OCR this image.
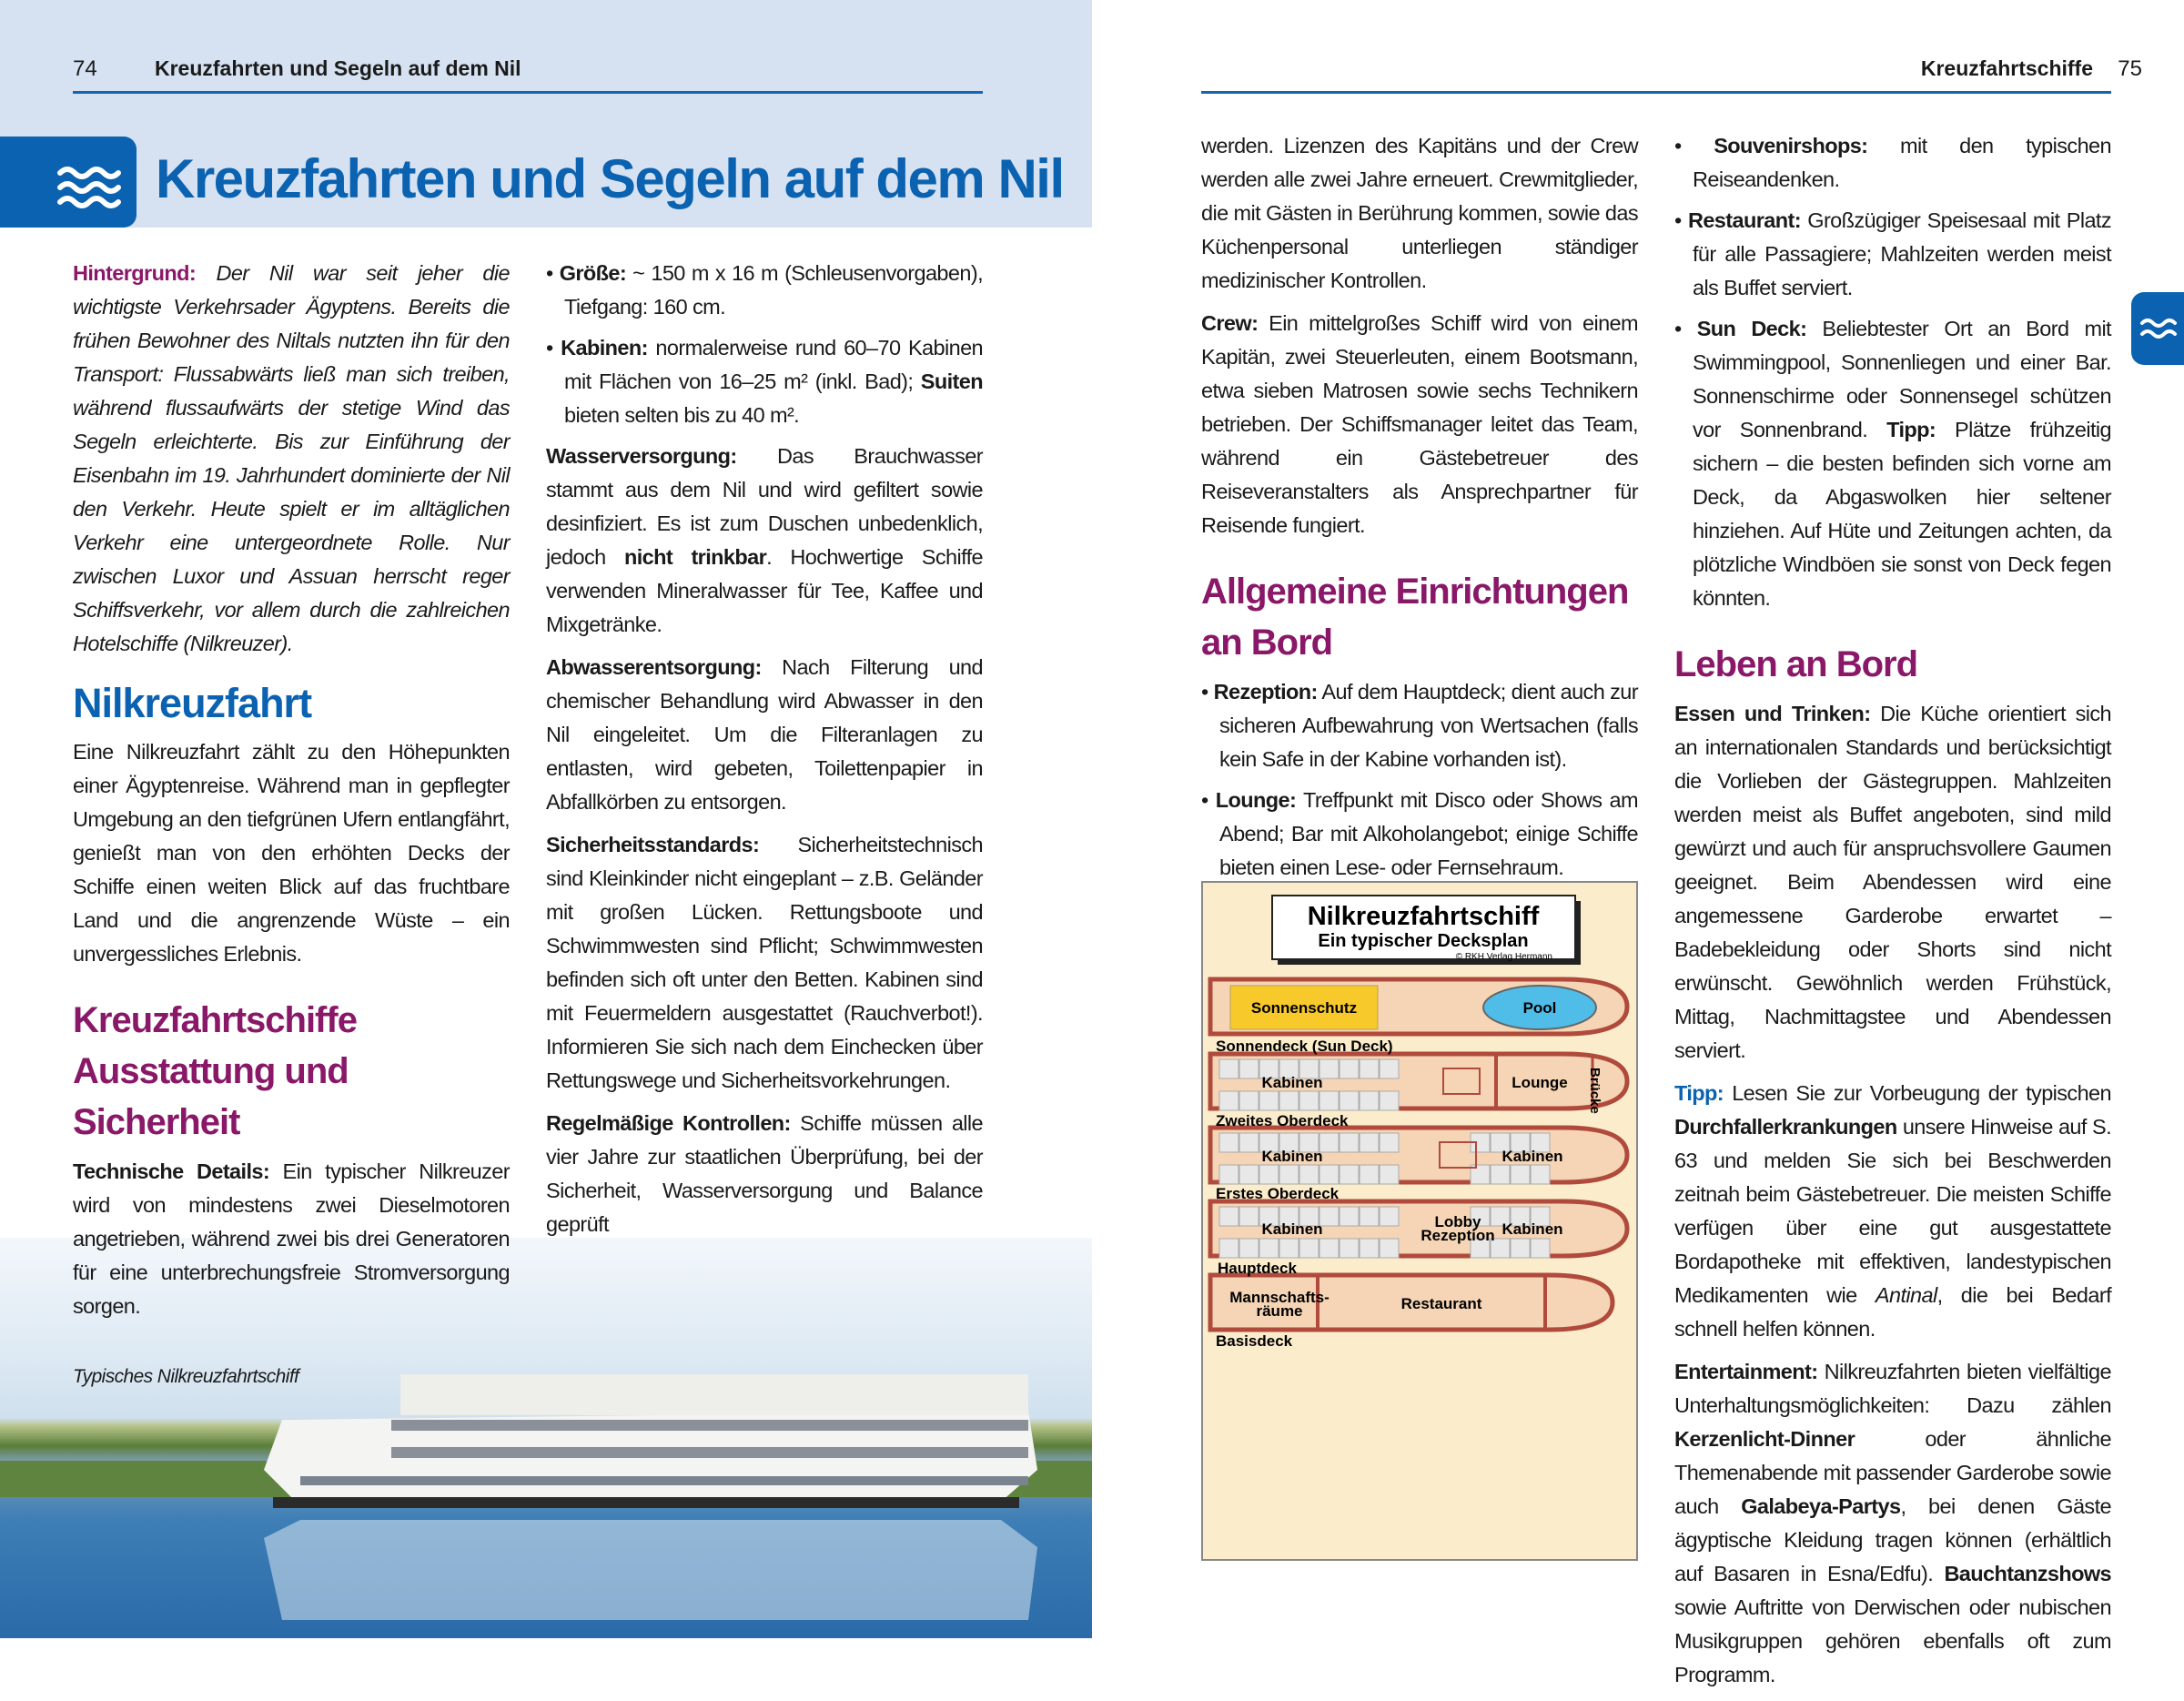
74	Kreuzfahrten und Segeln auf dem Nil
Kreuzfahrten und Segeln auf dem Nil
Kreuzfahrtschiffe 75
Nilkreuzfahrtschiff
Ein typischer Decksplan
© RKH Verlag Hermann
Sonnenschutz	Pool
Sonnendeck (Sun Deck)
Kabinen	Lounge Brücke
Zweites Oberdeck
Kabinen	Kabinen
Erstes Oberdeck
Kabinen	Lobby
Rezeption Kabinen
Hauptdeck
Mannschafts-
räume	Restaurant
Basisdeck

Hintergrund: Der Nil war seit jeher die wichtigste Verkehrsader Ägyptens. Bereits die frühen Bewohner des Niltals nutzten ihn für den Transport: Flussabwärts ließ man sich treiben, während flussaufwärts der stetige Wind das Segeln erleichterte. Bis zur Einführung der Eisenbahn im 19. Jahrhundert dominierte der Nil den Verkehr. Heute spielt er im alltäglichen Verkehr eine untergeordnete Rolle. Nur zwischen Luxor und Assuan herrscht reger Schiffsverkehr, vor allem durch die zahlreichen Hotelschiffe (Nilkreuzer).

Nilkreuzfahrt

Eine Nilkreuzfahrt zählt zu den Höhepunkten einer Ägyptenreise. Während man in gepflegter Umgebung an den tiefgrünen Ufern entlangfährt, genießt man von den erhöhten Decks der Schiffe einen weiten Blick auf das fruchtbare Land und die angrenzende Wüste – ein unvergessliches Erlebnis.

Kreuzfahrtschiffe Ausstattung und Sicherheit

Technische Details: Ein typischer Nilkreuzer wird von mindestens zwei Dieselmotoren angetrieben, während zwei bis drei Generatoren für eine unterbrechungsfreie Stromversorgung sorgen.

Typisches Nilkreuzfahrtschiff

• Größe: ~ 150 m x 16 m (Schleusenvorgaben), Tiefgang: 160 cm.

• Kabinen: normalerweise rund 60–70 Kabinen mit Flächen von 16–25 m² (inkl. Bad); Suiten bieten selten bis zu 40 m².

Wasserversorgung: Das Brauchwasser stammt aus dem Nil und wird gefiltert sowie desinfiziert. Es ist zum Duschen unbedenklich, jedoch nicht trinkbar. Hochwertige Schiffe verwenden Mineralwasser für Tee, Kaffee und Mixgetränke.

Abwasserentsorgung: Nach Filterung und chemischer Behandlung wird Abwasser in den Nil eingeleitet. Um die Filteranlagen zu entlasten, wird gebeten, Toilettenpapier in Abfallkörben zu entsorgen.

Sicherheitsstandards: Sicherheitstechnisch sind Kleinkinder nicht eingeplant – z.B. Geländer mit großen Lücken. Rettungsboote und Schwimmwesten sind Pflicht; Schwimmwesten befinden sich oft unter den Betten. Kabinen sind mit Feuermeldern ausgestattet (Rauchverbot!). Informieren Sie sich nach dem Einchecken über Rettungswege und Sicherheitsvorkehrungen.

Regelmäßige Kontrollen: Schiffe müssen alle vier Jahre zur staatlichen Überprüfung, bei der Sicherheit, Wasserversorgung und Balance geprüft

werden. Lizenzen des Kapitäns und der Crew werden alle zwei Jahre erneuert. Crewmitglieder, die mit Gästen in Berührung kommen, sowie das Küchenpersonal unterliegen ständiger medizinischer Kontrollen.

Crew: Ein mittelgroßes Schiff wird von einem Kapitän, zwei Steuerleuten, einem Bootsmann, etwa sieben Matrosen sowie sechs Technikern betrieben. Der Schiffsmanager leitet das Team, während ein Gästebetreuer des Reiseveranstalters als Ansprechpartner für Reisende fungiert.

Allgemeine Einrichtungen an Bord

• Rezeption: Auf dem Hauptdeck; dient auch zur sicheren Aufbewahrung von Wertsachen (falls kein Safe in der Kabine vorhanden ist).

• Lounge: Treffpunkt mit Disco oder Shows am Abend; Bar mit Alkoholangebot; einige Schiffe bieten einen Lese- oder Fernsehraum.

• Souvenirshops: mit den typischen Reiseandenken.

• Restaurant: Großzügiger Speisesaal mit Platz für alle Passagiere; Mahlzeiten werden meist als Buffet serviert.

• Sun Deck: Beliebtester Ort an Bord mit Swimmingpool, Sonnenliegen und einer Bar. Sonnenschirme oder Sonnensegel schützen vor Sonnenbrand. Tipp: Plätze frühzeitig sichern – die besten befinden sich vorne am Deck, da Abgaswolken hier seltener hinziehen. Auf Hüte und Zeitungen achten, da plötzliche Windböen sie sonst von Deck fegen könnten.

Leben an Bord

Essen und Trinken: Die Küche orientiert sich an internationalen Standards und berücksichtigt die Vorlieben der Gästegruppen. Mahlzeiten werden meist als Buffet angeboten, sind mild gewürzt und auch für anspruchsvollere Gaumen geeignet. Beim Abendessen wird eine angemessene Garderobe erwartet – Badebekleidung oder Shorts sind nicht erwünscht. Gewöhnlich werden Frühstück, Mittag, Nachmittagstee und Abendessen serviert.

Tipp: Lesen Sie zur Vorbeugung der typischen Durchfallerkrankungen unsere Hinweise auf S. 63 und melden Sie sich bei Beschwerden zeitnah beim Gästebetreuer. Die meisten Schiffe verfügen über eine gut ausgestattete Bordapotheke mit effektiven, landestypischen Medikamenten wie Antinal, die bei Bedarf schnell helfen können.

Entertainment: Nilkreuzfahrten bieten vielfältige Unterhaltungsmöglichkeiten: Dazu zählen Kerzenlicht-Dinner oder ähnliche Themenabende mit passender Garderobe sowie auch Galabeya-Partys, bei denen Gäste ägyptische Kleidung tragen können (erhältlich auf Basaren in Esna/Edfu). Bauchtanzshows sowie Auftritte von Derwischen oder nubischen Musikgruppen gehören ebenfalls oft zum Programm.
